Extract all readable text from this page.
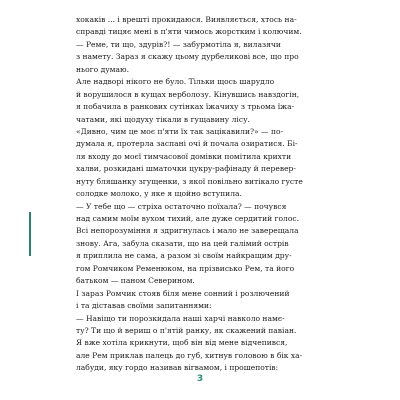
хокаків ... і врешті прокидаюся. Виявляється, хтось на-
справді тицяє мені в п'яти чимось жорстким і колючим.
— Реме, ти що, здурів?! — забурмотіла я, вилазячи
з намету. Зараз я скажу цьому дурбеликові все, що про
нього думаю.
Але надворі нікого не було. Тільки щось шарудло
й ворушилося в кущах верболозу. Кінувшись навздогін,
я побачила в ранкових сутінках їжачиху з трьома їжа-
чатами, які щодуху тікали в гущавину лісу.
«Дивно, чим це моє п'яти їх так зацікавили?» — по-
думала я, протерла заспані очі й почала озиратися. Бі-
ля входу до моєї тимчасової домівки помітила крихти
халви, розкидані шматочки цукру-рафінаду й перевер-
нуту бляшанку згущенки, з якої повільно витікало густе
солодке молоко, у яке я щойно вступила.
— У тебе що — стріха остаточно поїхала? — почувся
над самим моїм вухом тихий, але дуже сердитий голос.
Всі непорозуміння я здригнулась і мало не заверещала
знову. Ага, забула сказати, що на цей галімий острів
я приплила не сама, а разом зі своїм найкращим дру-
гом Ромчиком Ременюком, на прізвисько Рем, та його
батьком — паном Северином.
І зараз Ромчик стояв біля мене сонний і розлючений
і та діставав своїми запитаннями:
— Навіщо ти порозкидала наші харчі навколо намє-
ту? Ти що й вериш о п'ятій ранку, як скажений павіан.
Я вже хотіла крикнути, щоб він від мене відчепився,
але Рем приклав палець до губ, хитнув головою в бік ха-
лабуди, яку гордо називав вігвамом, і прошепотів:
3
